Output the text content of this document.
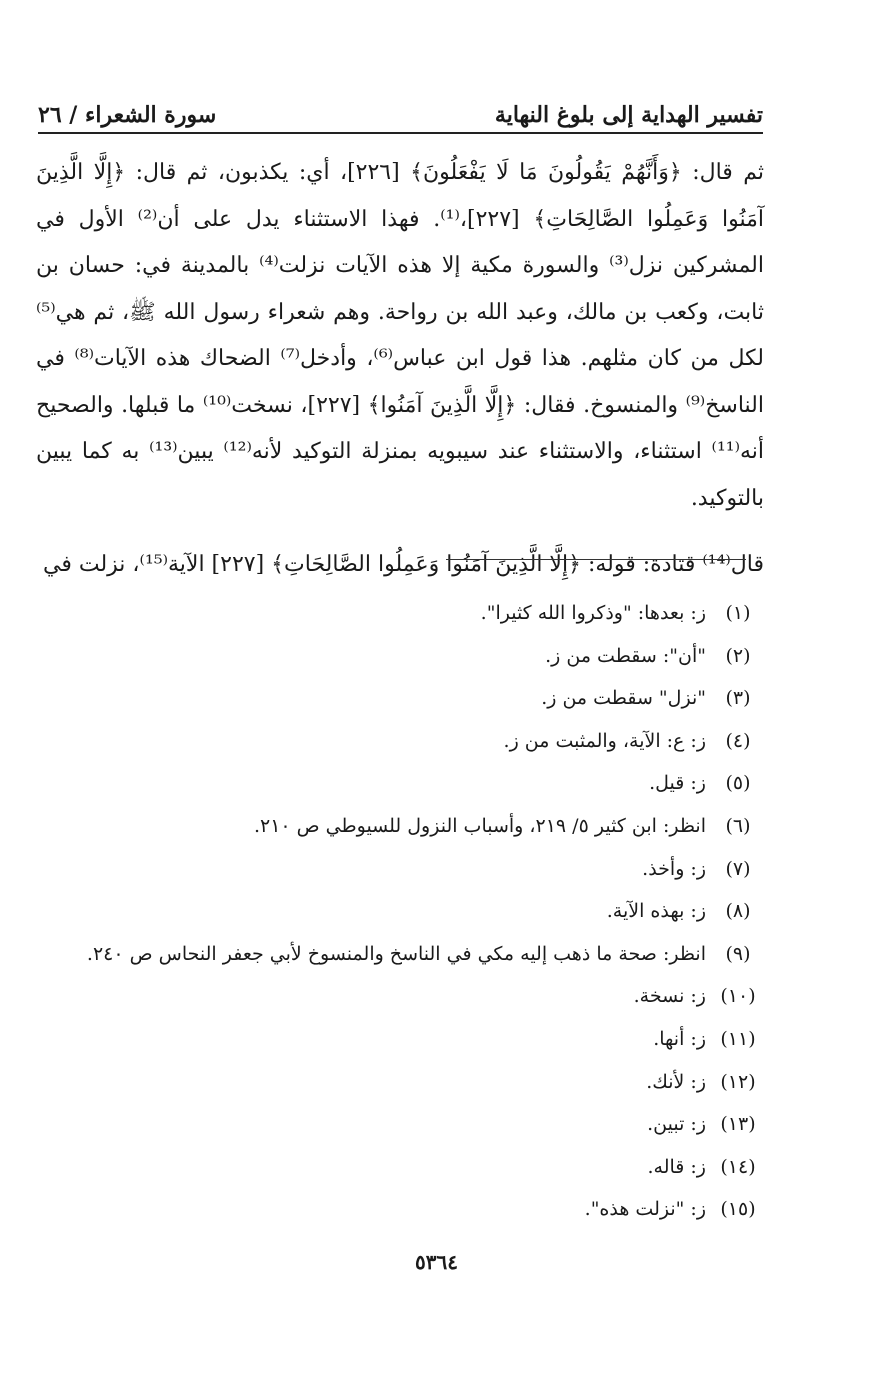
تفسير الهداية إلى بلوغ النهاية
سورة الشعراء / ٢٦

ثم قال: ﴿وَأَنَّهُمْ يَقُولُونَ مَا لَا يَفْعَلُونَ﴾ [٢٢٦]، أي: يكذبون، ثم قال: ﴿إِلَّا الَّذِينَ آمَنُوا وَعَمِلُوا الصَّالِحَاتِ﴾ [٢٢٧]،⁽¹⁾. فهذا الاستثناء يدل على أن⁽²⁾ الأول في المشركين نزل⁽³⁾ والسورة مكية إلا هذه الآيات نزلت⁽⁴⁾ بالمدينة في: حسان بن ثابت، وكعب بن مالك، وعبد الله بن رواحة. وهم شعراء رسول الله ﷺ، ثم هي⁽⁵⁾ لكل من كان مثلهم. هذا قول ابن عباس⁽⁶⁾، وأدخل⁽⁷⁾ الضحاك هذه الآيات⁽⁸⁾ في الناسخ⁽⁹⁾ والمنسوخ. فقال: ﴿إِلَّا الَّذِينَ آمَنُوا﴾ [٢٢٧]، نسخت⁽¹⁰⁾ ما قبلها. والصحيح أنه⁽¹¹⁾ استثناء، والاستثناء عند سيبويه بمنزلة التوكيد لأنه⁽¹²⁾ يبين⁽¹³⁾ به كما يبين بالتوكيد.

قال⁽¹⁴⁾ قتادة: قوله: ﴿إِلَّا الَّذِينَ آمَنُوا وَعَمِلُوا الصَّالِحَاتِ﴾ [٢٢٧] الآية⁽¹⁵⁾، نزلت في

(١)ز: بعدها: "وذكروا الله كثيرا".
(٢)"أن": سقطت من ز.
(٣)"نزل" سقطت من ز.
(٤)ز: ع: الآية، والمثبت من ز.
(٥)ز: قيل.
(٦)انظر: ابن كثير ٥/ ٢١٩، وأسباب النزول للسيوطي ص ٢١٠.
(٧)ز: وأخذ.
(٨)ز: بهذه الآية.
(٩)انظر: صحة ما ذهب إليه مكي في الناسخ والمنسوخ لأبي جعفر النحاس ص ٢٤٠.
(١٠)ز: نسخة.
(١١)ز: أنها.
(١٢)ز: لأنك.
(١٣)ز: تبين.
(١٤)ز: قاله.
(١٥)ز: "نزلت هذه".
٥٣٦٤
